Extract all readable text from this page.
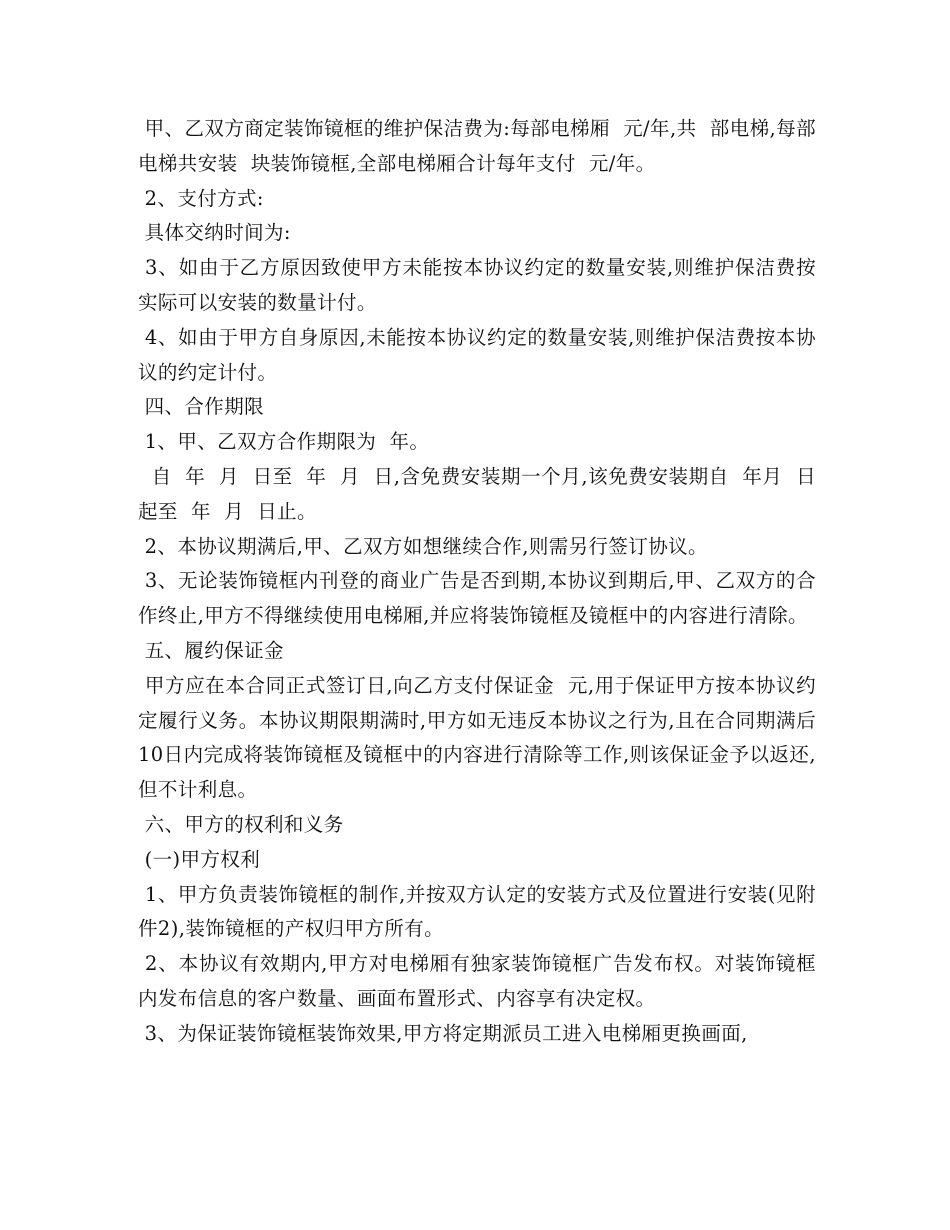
甲、乙双方商定装饰镜框的维护保洁费为:每部电梯厢  元/年,共  部电梯,每部电梯共安装  块装饰镜框,全部电梯厢合计每年支付  元/年。

2、支付方式:

具体交纳时间为:

3、如由于乙方原因致使甲方未能按本协议约定的数量安装,则维护保洁费按实际可以安装的数量计付。

4、如由于甲方自身原因,未能按本协议约定的数量安装,则维护保洁费按本协议的约定计付。

四、合作期限

1、甲、乙双方合作期限为  年。

自  年  月  日至  年  月  日,含免费安装期一个月,该免费安装期自  年月  日起至  年  月  日止。

2、本协议期满后,甲、乙双方如想继续合作,则需另行签订协议。

3、无论装饰镜框内刊登的商业广告是否到期,本协议到期后,甲、乙双方的合作终止,甲方不得继续使用电梯厢,并应将装饰镜框及镜框中的内容进行清除。

五、履约保证金

甲方应在本合同正式签订日,向乙方支付保证金  元,用于保证甲方按本协议约定履行义务。本协议期限期满时,甲方如无违反本协议之行为,且在合同期满后10日内完成将装饰镜框及镜框中的内容进行清除等工作,则该保证金予以返还,但不计利息。

六、甲方的权利和义务

(一)甲方权利

1、甲方负责装饰镜框的制作,并按双方认定的安装方式及位置进行安装(见附件2),装饰镜框的产权归甲方所有。

2、本协议有效期内,甲方对电梯厢有独家装饰镜框广告发布权。对装饰镜框内发布信息的客户数量、画面布置形式、内容享有决定权。

3、为保证装饰镜框装饰效果,甲方将定期派员工进入电梯厢更换画面,
